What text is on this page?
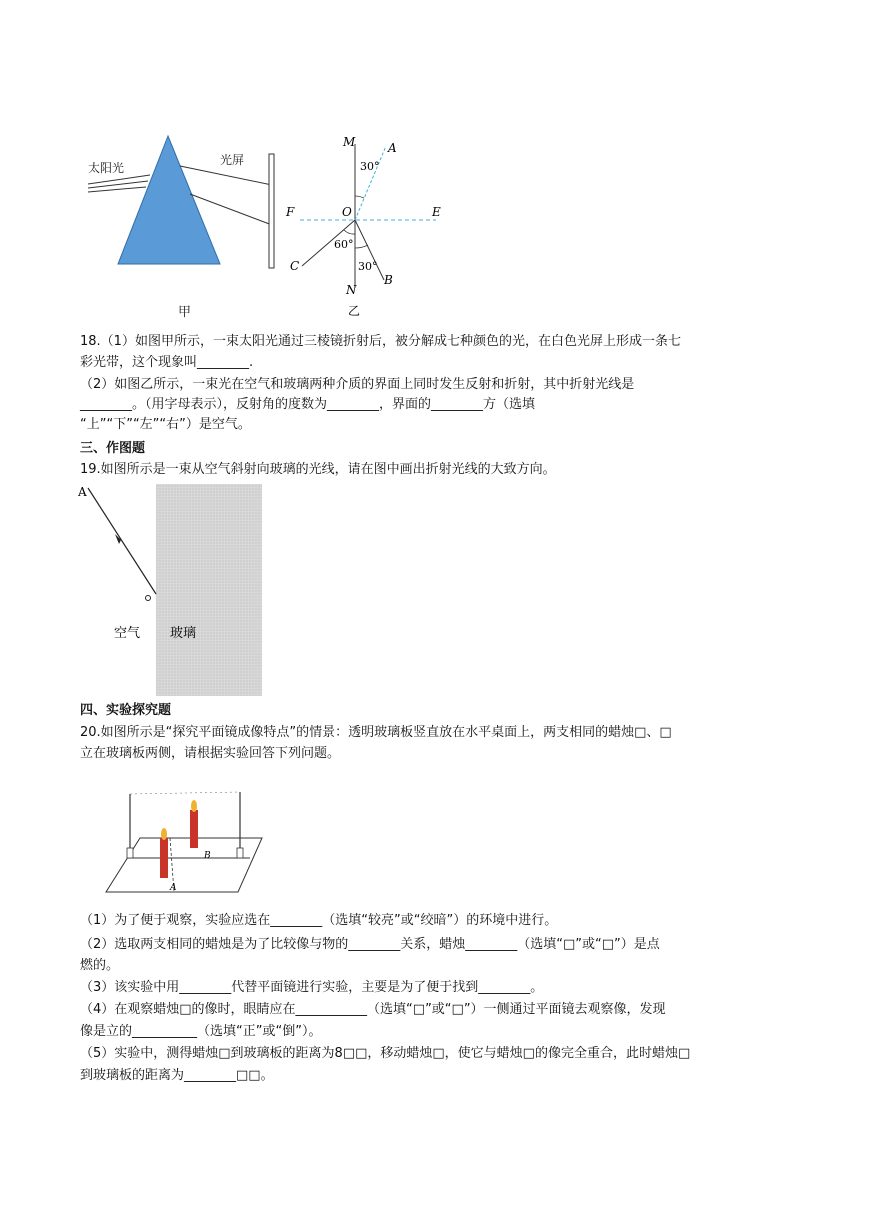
太阳光
光屏
甲
M	A
30°
F	O	E
60°
C	30°
B
N
乙
18.（1）如图甲所示，一束太阳光通过三棱镜折射后，被分解成七种颜色的光，在白色光屏上形成一条七
彩光带，这个现象叫________.
（2）如图乙所示，一束光在空气和玻璃两种介质的界面上同时发生反射和折射，其中折射光线是
________。（用字母表示），反射角的度数为________，界面的________方（选填
“上”“下”“左”“右”）是空气。
三、作图题
19.如图所示是一束从空气斜射向玻璃的光线，请在图中画出折射光线的大致方向。
A
o
空气 玻璃
四、实验探究题
20.如图所示是“探究平面镜成像特点”的情景：透明玻璃板竖直放在水平桌面上，两支相同的蜡烛□、□
立在玻璃板两侧，请根据实验回答下列问题。
B
A
（1）为了便于观察，实验应选在________（选填“较亮”或“绞暗”）的环境中进行。
（2）选取两支相同的蜡烛是为了比较像与物的________关系，蜡烛________（选填“□”或“□”）是点
燃的。
（3）该实验中用________代替平面镜进行实验，主要是为了便于找到________。
（4）在观察蜡烛□的像时，眼睛应在___________（选填“□”或“□”）一侧通过平面镜去观察像，发现
像是立的__________（选填“正”或“倒”）。
（5）实验中，测得蜡烛□到玻璃板的距离为8□□，移动蜡烛□，使它与蜡烛□的像完全重合，此时蜡烛□
到玻璃板的距离为________□□。
